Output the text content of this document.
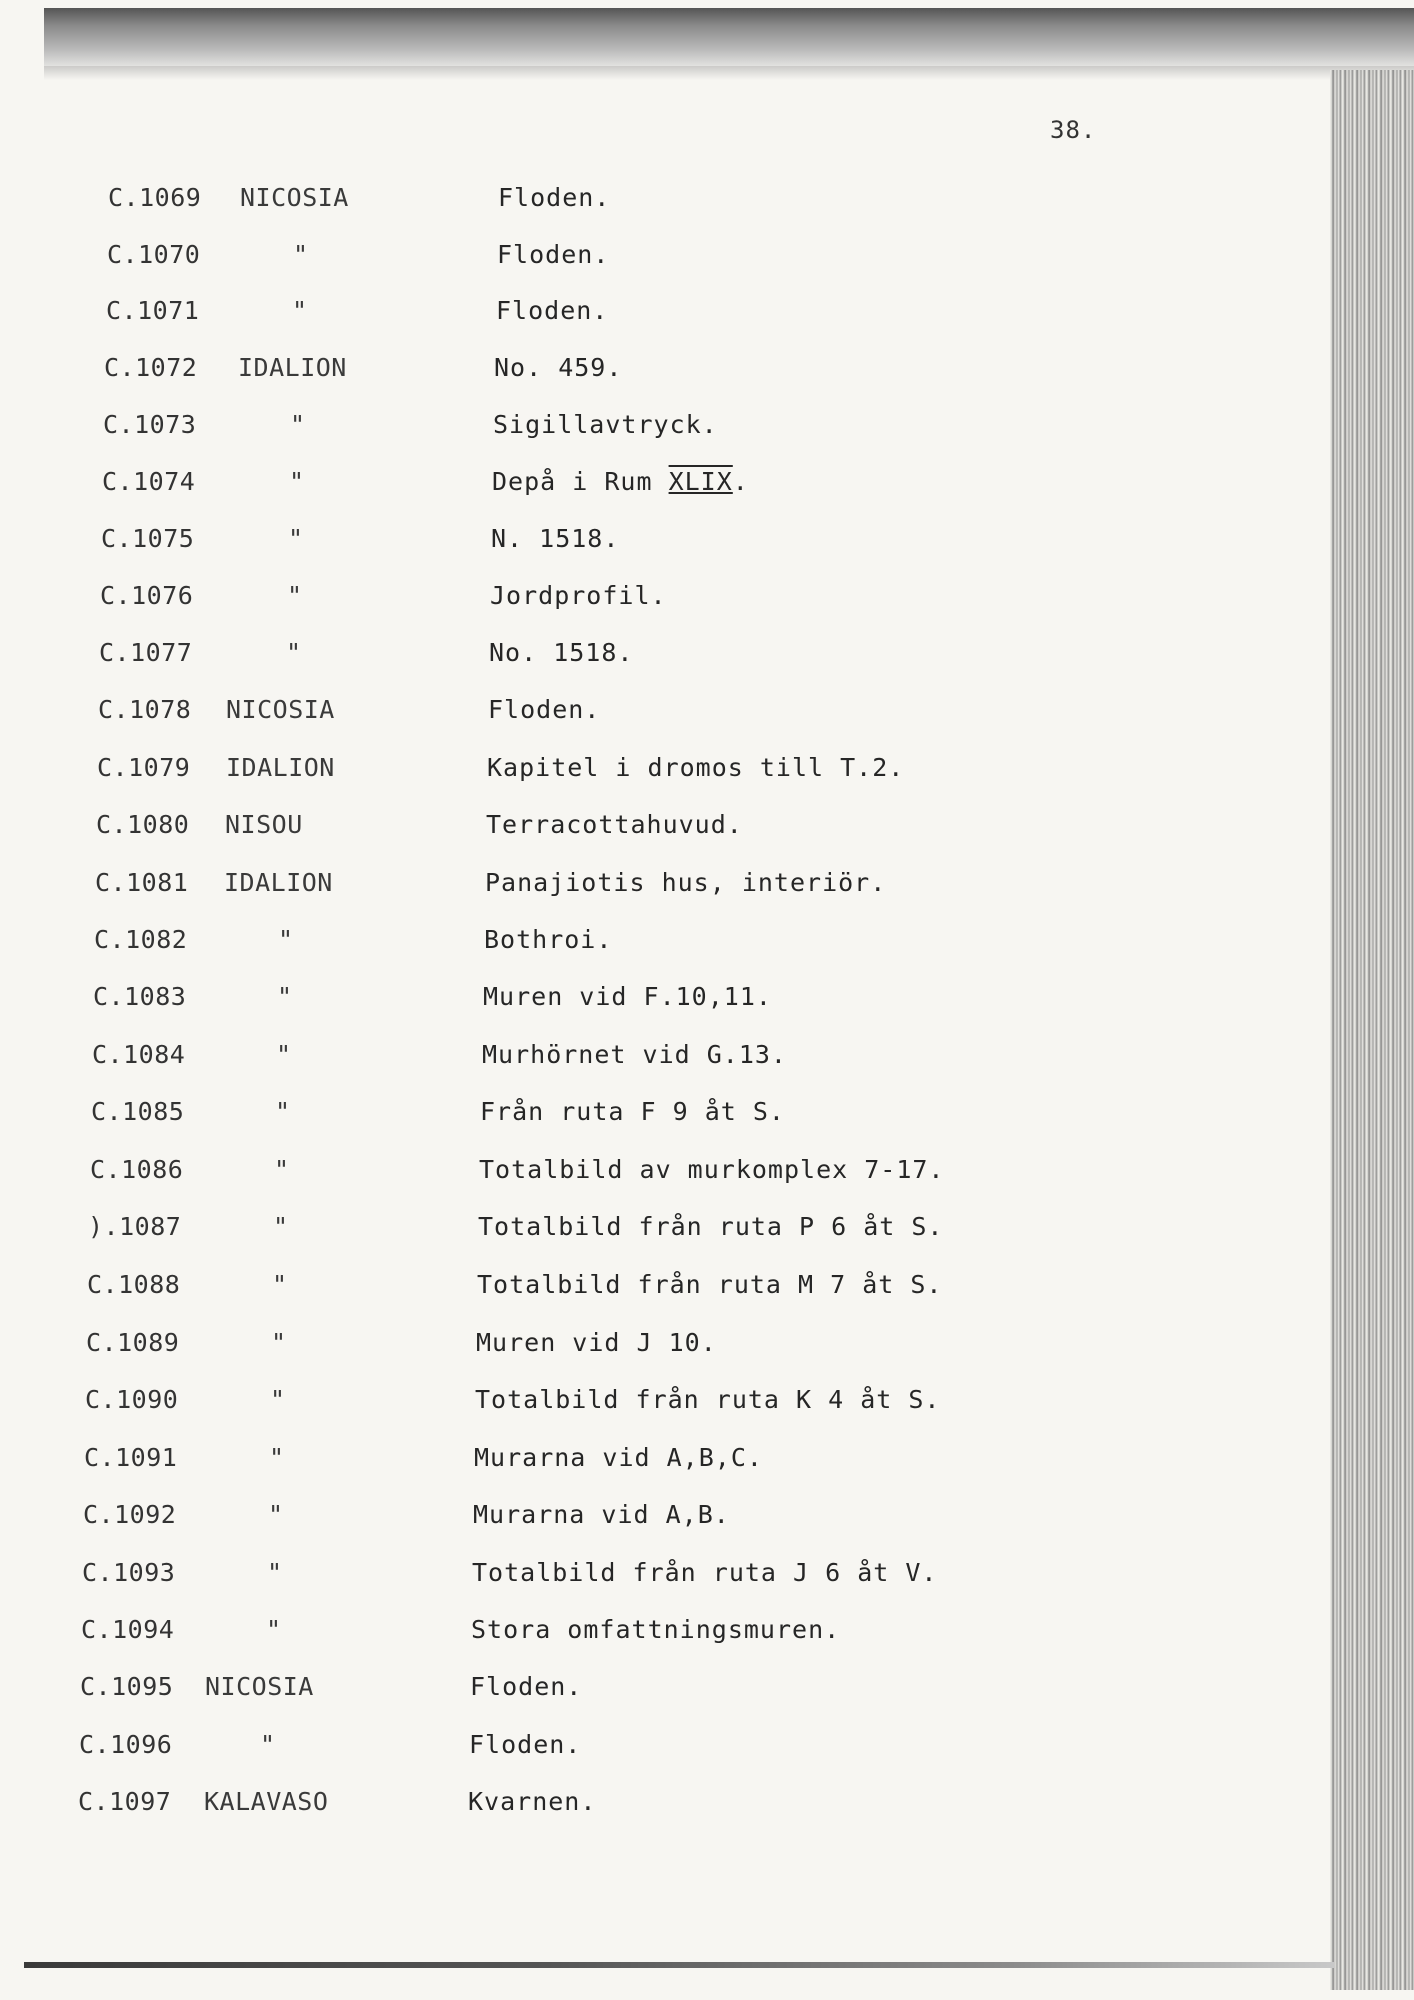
38.
C.1069 NICOSIA	Floden.
C.1070	"	Floden.
C.1071	"	Floden.
C.1072 IDALION	No. 459.
C.1073	"	Sigillavtryck.
C.1074	"	Depå i Rum XLIX.
C.1075	"	N. 1518.
C.1076	"	Jordprofil.
C.1077	"	No. 1518.
C.1078 NICOSIA	Floden.
C.1079 IDALION	Kapitel i dromos till T.2.
C.1080 NISOU	Terracottahuvud.
C.1081 IDALION	Panajiotis hus, interiör.
C.1082	"	Bothroi.
C.1083	"	Muren vid F.10,11.
C.1084	"	Murhörnet vid G.13.
C.1085	"	Från ruta F 9 åt S.
C.1086	"	Totalbild av murkomplex 7-17.
).1087	"	Totalbild från ruta P 6 åt S.
C.1088	"	Totalbild från ruta M 7 åt S.
C.1089	"	Muren vid J 10.
C.1090	"	Totalbild från ruta K 4 åt S.
C.1091	"	Murarna vid A,B,C.
C.1092	"	Murarna vid A,B.
C.1093	"	Totalbild från ruta J 6 åt V.
C.1094	"	Stora omfattningsmuren.
C.1095 NICOSIA	Floden.
C.1096	"	Floden.
C.1097 KALAVASO	Kvarnen.
